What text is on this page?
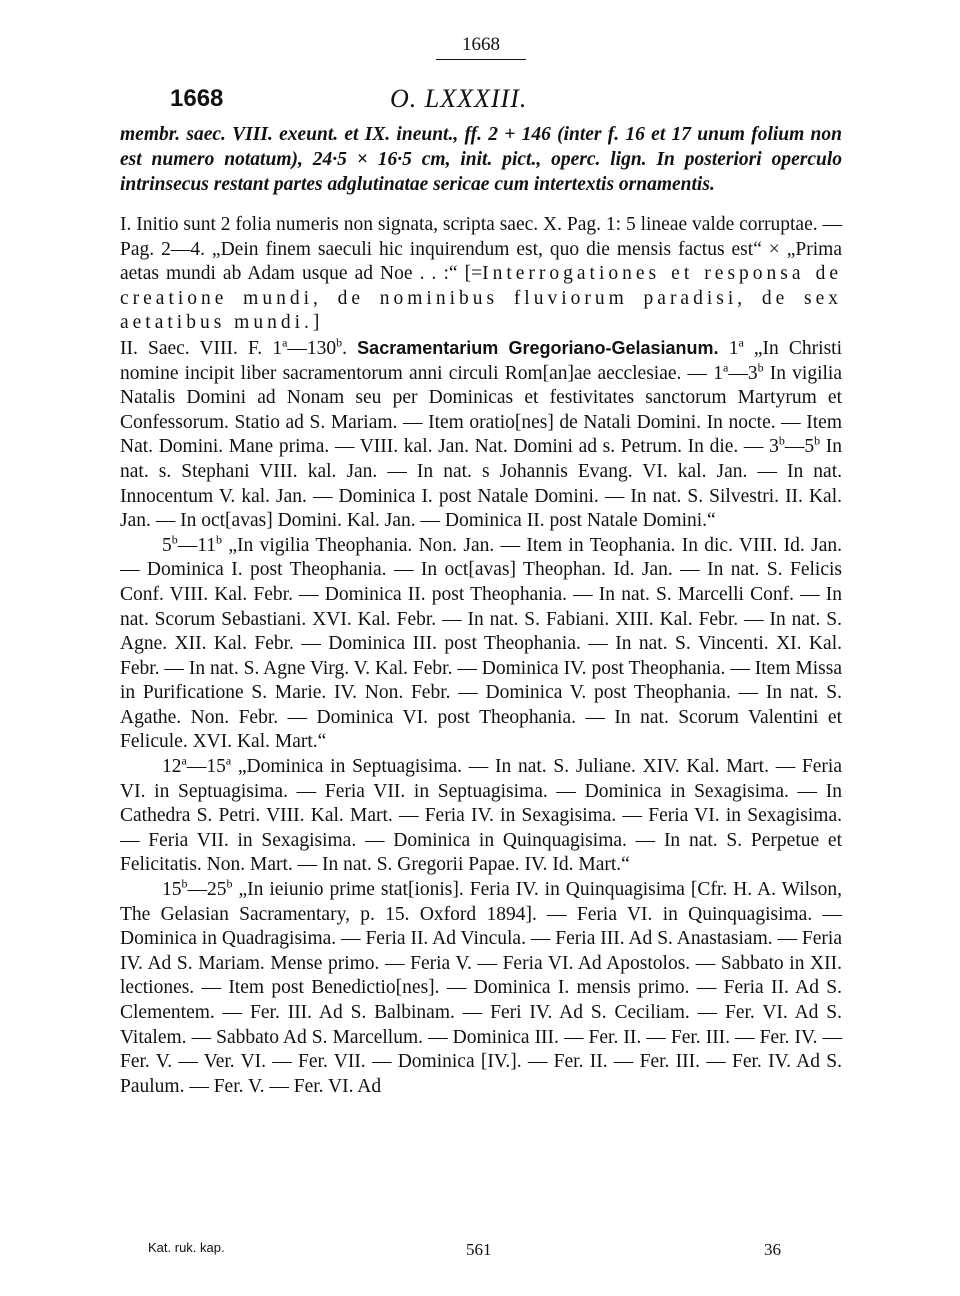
1668
1668	O. LXXXIII.
membr. saec. VIII. exeunt. et IX. ineunt., ff. 2 + 146 (inter f. 16 et 17 unum folium non est numero notatum), 24·5 × 16·5 cm, init. pict., operc. lign. In posteriori operculo intrinsecus restant partes adglutinatae sericae cum intertextis ornamentis.

I. Initio sunt 2 folia numeris non signata, scripta saec. X. Pag. 1: 5 lineae valde corruptae. — Pag. 2—4. „Dein finem saeculi hic inquirendum est, quo die mensis factus est“ × „Prima aetas mundi ab Adam usque ad Noe . . :“ [=Interrogationes et responsa de creatione mundi, de nominibus fluviorum paradisi, de sex aetatibus mundi.]

II. Saec. VIII. F. 1$^a$—130$^b$. Sacramentarium Gregoriano-Gelasianum. 1$^a$ „In Christi nomine incipit liber sacramentorum anni circuli Rom[an]ae aecclesiae. — 1$^a$—3$^b$ In vigilia Natalis Domini ad Nonam seu per Dominicas et festivitates sanctorum Martyrum et Confessorum. Statio ad S. Mariam. — Item oratio[nes] de Natali Domini. In nocte. — Item Nat. Domini. Mane prima. — VIII. kal. Jan. Nat. Domini ad s. Petrum. In die. — 3$^b$—5$^b$ In nat. s. Stephani VIII. kal. Jan. — In nat. s Johannis Evang. VI. kal. Jan. — In nat. Innocentum V. kal. Jan. — Dominica I. post Natale Domini. — In nat. S. Silvestri. II. Kal. Jan. — In oct[avas] Domini. Kal. Jan. — Dominica II. post Natale Domini.“

5$^b$—11$^b$ „In vigilia Theophania. Non. Jan. — Item in Teophania. In dic. VIII. Id. Jan. — Dominica I. post Theophania. — In oct[avas] Theophan. Id. Jan. — In nat. S. Felicis Conf. VIII. Kal. Febr. — Dominica II. post Theophania. — In nat. S. Marcelli Conf. — In nat. Scorum Sebastiani. XVI. Kal. Febr. — In nat. S. Fabiani. XIII. Kal. Febr. — In nat. S. Agne. XII. Kal. Febr. — Dominica III. post Theophania. — In nat. S. Vincenti. XI. Kal. Febr. — In nat. S. Agne Virg. V. Kal. Febr. — Dominica IV. post Theophania. — Item Missa in Purificatione S. Marie. IV. Non. Febr. — Dominica V. post Theophania. — In nat. S. Agathe. Non. Febr. — Dominica VI. post Theophania. — In nat. Scorum Valentini et Felicule. XVI. Kal. Mart.“

12$^a$—15$^a$ „Dominica in Septuagisima. — In nat. S. Juliane. XIV. Kal. Mart. — Feria VI. in Septuagisima. — Feria VII. in Septuagisima. — Dominica in Sexagisima. — In Cathedra S. Petri. VIII. Kal. Mart. — Feria IV. in Sexagisima. — Feria VI. in Sexagisima. — Feria VII. in Sexagisima. — Dominica in Quinquagisima. — In nat. S. Perpetue et Felicitatis. Non. Mart. — In nat. S. Gregorii Papae. IV. Id. Mart.“

15$^b$—25$^b$ „In ieiunio prime stat[ionis]. Feria IV. in Quinquagisima [Cfr. H. A. Wilson, The Gelasian Sacramentary, p. 15. Oxford 1894]. — Feria VI. in Quinquagisima. — Dominica in Quadragisima. — Feria II. Ad Vincula. — Feria III. Ad S. Anastasiam. — Feria IV. Ad S. Mariam. Mense primo. — Feria V. — Feria VI. Ad Apostolos. — Sabbato in XII. lectiones. — Item post Benedictio[nes]. — Dominica I. mensis primo. — Feria II. Ad S. Clementem. — Fer. III. Ad S. Balbinam. — Feri IV. Ad S. Ceciliam. — Fer. VI. Ad S. Vitalem. — Sabbato Ad S. Marcellum. — Dominica III. — Fer. II. — Fer. III. — Fer. IV. — Fer. V. — Ver. VI. — Fer. VII. — Dominica [IV.]. — Fer. II. — Fer. III. — Fer. IV. Ad S. Paulum. — Fer. V. — Fer. VI. Ad

Kat. ruk. kap.	561	36
